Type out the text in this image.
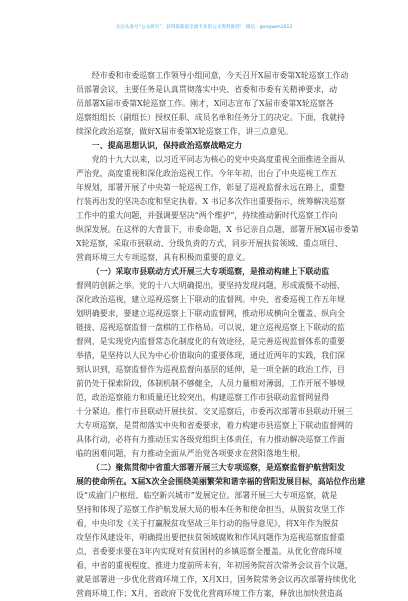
关注头条号“公文研究”，获得最新最全最专业的公文资料推荐！ 微信：gongwen2012
经市委和市委巡察工作领导小组同意，今天召开X届市委第X轮巡察工作动
员部署会议，主要任务是认真贯彻落实中央、省委和市委有关精神要求，动
员部署X届市委第X轮巡察工作。刚才，X同志宣布了X届市委第X轮巡察各
巡察组组长（副组长）授权任职、成员名单和任务分工的决定。下面，我就持
续深化政治巡察，做好X届市委第X轮巡察工作，讲三点意见。
一、提高思想认识，保持政治巡察战略定力
党的十九大以来，以习近平同志为核心的党中央高度重视全面推进全面从
严治党，高度重视和深化政治巡视工作。今年年初，出台了中央巡视工作五
年规划，部署开展了中央第一轮巡视工作，彰显了巡视监督永远在路上，重整
行装再出发的坚决态度和坚定执着。X 书记多次作出重要指示，统筹解决巡察
工作中的重大问题，并强调要坚决“两个维护”，持续推动新时代巡察工作向
纵深发展。在这样的大背景下，市委命题，X 书记亲自点题，部署开展X届市委第
X轮巡察，采取市县联动、分级负责的方式，同步开展扶贫领域、重点项目、
营商环境三大专项巡察，具有积极而重要的意义。
（一）采取市县联动方式开展三大专项巡察，是推动构建上下联动监
督网的创新之举。党的十八大明确提出，要坚持发现问题，形成震慑不动摇，
深化政治巡视，建立巡视巡察上下联动的监督网。中央、省委巡视工作五年规
划明确要求，要建立巡视巡察上下联动监督网，推动形成横向全覆盖、纵向全
链接、巡视巡察监督一盘棋的工作格局。可以说，建立巡视巡察上下联动的监
督网，是实现党内监督常态化制度化的有效途径，是完善巡视监督体系的重要
举措，是坚持以人民为中心价值取向的重要体现，通过近两年的实践，我们深
刻认识到，巡察监督作为巡视监督向基层的延伸，是一项全新的政治工作，目
前仍处于探索阶段，体制机制不够健全，人员力量相对薄弱，工作开展不够规
范，政治巡察能力和质量还比较突出，构建巡察工作市县联动监督网显得
十分紧迫。推行市县联动开展扶贫、交叉巡察后，市委再次部署市县联动开展三
大专项巡察，是贯彻落实中央和省委要求，着力构建市县巡察上下联动监督网的
具体行动，必将有力推动压实各级党组织主体责任，有力推动解决巡察工作面
临的困难问题，有力推动全面从严治党各项要求在营阳落地生根。
（二）聚焦贯彻中省重大部署开展三大专项巡察，是巡察监督护航营阳发
展的使命所在。X届X次全会围绕美丽繁荣和谐幸福的营阳发展目标，高站位作出建
设“成渝门户枢纽、临空新兴城市”发展定位。部署开展三大专项巡察，就是
坚持和体现了巡察工作护航发展大局的根本任务和使命担当，从脱贫攻坚工作
看，中央印发《关于打赢脱贫攻坚战三年行动的指导意见》，将X年作为脱贫
攻坚作风建设年，明确提出要把扶贫领域腐败和作风问题作为巡视巡察监督重
点，省委要求要在3年内实现对有贫困村的乡镇巡察全覆盖。从优化营商环境
看，中省的重视程度、推进力度前所未有，年初国务院首次常务会议首个议题，
就是部署进一步优化营商环境工作，X月X日，国务院常务会议再次部署持续优化
营商环境工作；X月，省政府下发优化营商环境工作方案，释放出加快营造高
